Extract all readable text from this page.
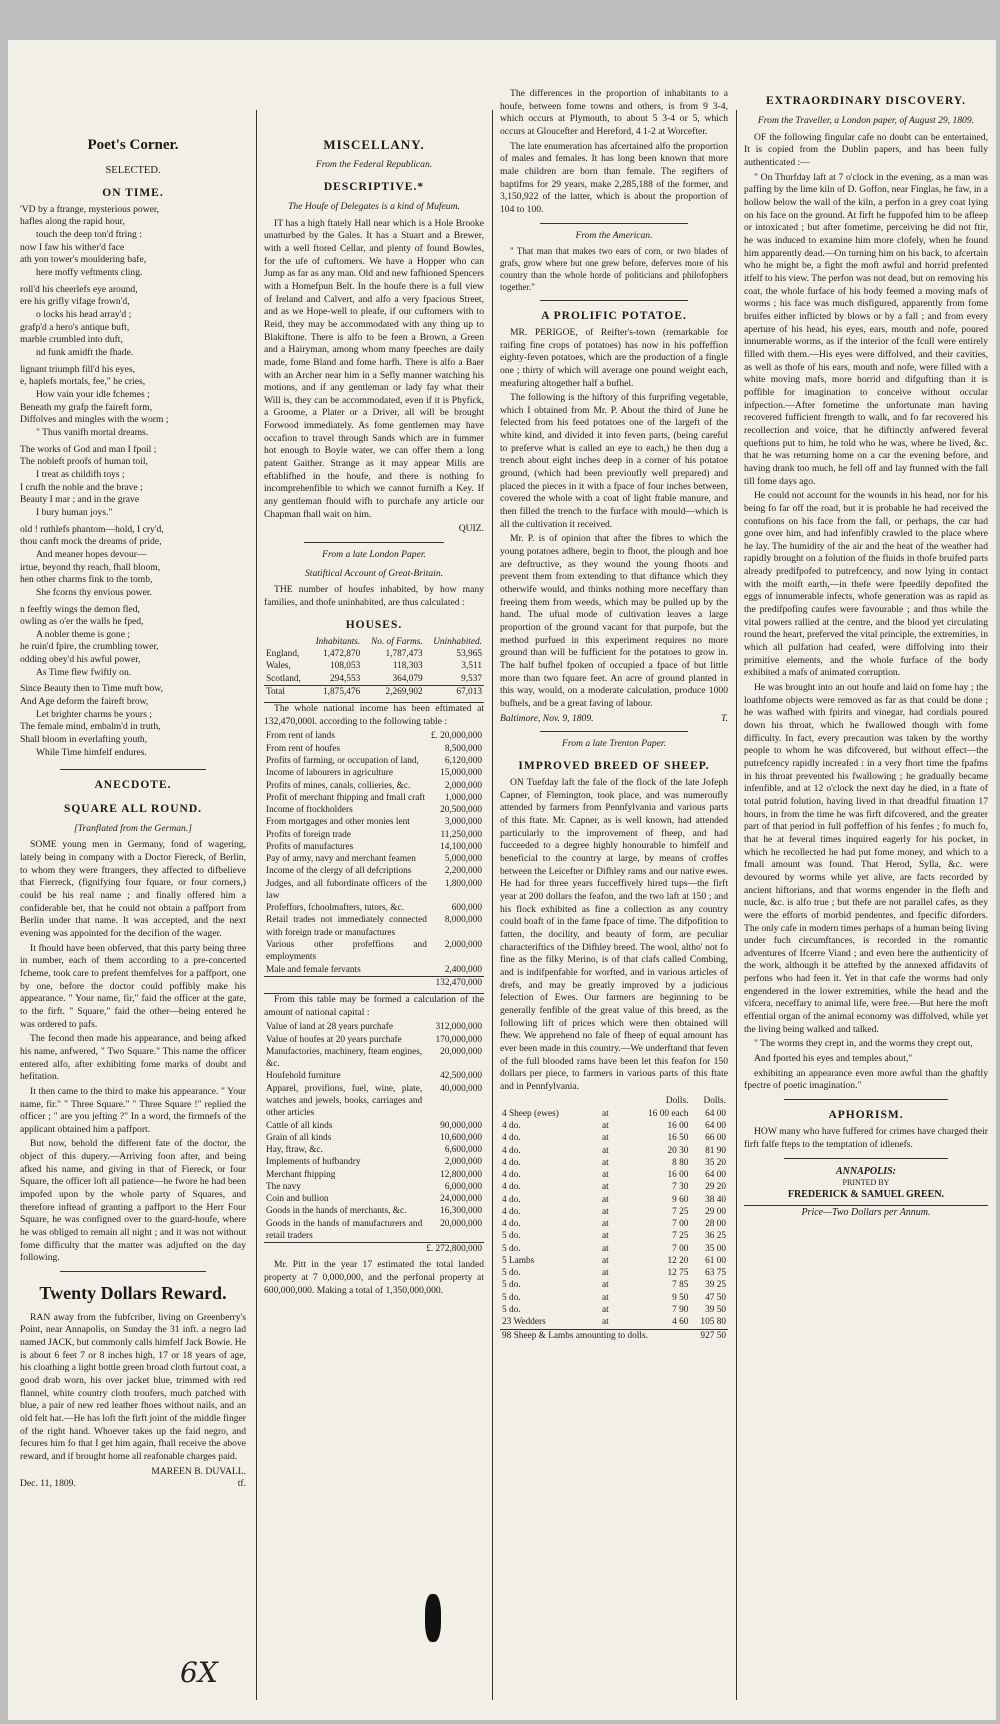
Poet's Corner.
SELECTED.
ON TIME.

'VD by a ftrange, mysterious power,

hafles along the rapid hour,

touch the deep ton'd ftring :

now I faw his wither'd face

ath yon tower's mouldering bafe,

here moffy veftments cling.

roll'd his cheerlefs eye around,

ere his grifly vifage frown'd,

o locks his head array'd ;

grafp'd a hero's antique buft,

marble crumbled into duft,

nd funk amidft the fhade.

lignant triumph fill'd his eyes,

e, haplefs mortals, fee," he cries,

How vain your idle fchemes ;

Beneath my grafp the faireft form,

Diffolves and mingles with the worm ;

" Thus vanifh mortal dreams.

The works of God and man I fpoil ;

The nobleft proofs of human toil,

I treat as childifh toys ;

I crufh the noble and the brave ;

Beauty I mar ; and in the grave

I bury human joys."

old ! ruthlefs phantom—hold, I cry'd,

thou canft mock the dreams of pride,

And meaner hopes devour—

irtue, beyond thy reach, fhall bloom,

hen other charms fink to the tomb,

She fcorns thy envious power.

n feeftly wings the demon fled,

owling as o'er the walls he fped,

A nobler theme is gone ;

he ruin'd fpire, the crumbling tower,

odding obey'd his awful power,

As Time flew fwiftly on.

Since Beauty then to Time muft bow,

And Age deform the faireft brow,

Let brighter charms be yours ;

The female mind, embalm'd in truth,

Shall bloom in everlafting youth,

While Time himfelf endures.

ANECDOTE.
SQUARE ALL ROUND.
[Tranflated from the German.]

SOME young men in Germany, fond of wagering, lately being in company with a Doctor Fiereck, of Berlin, to whom they were ftrangers, they affected to difbelieve that Fierreck, (fignifying four fquare, or four corners,) could be his real name ; and finally offered him a confiderable bet, that he could not obtain a paffport from Berlin under that name. It was accepted, and the next evening was appointed for the decifion of the wager.

It fhould have been obferved, that this party being three in number, each of them according to a pre-concerted fcheme, took care to prefent themfelves for a paffport, one by one, before the doctor could poffibly make his appearance. " Your name, fir," faid the officer at the gate, to the firft. " Square," faid the other—being entered he was ordered to pafs.

The fecond then made his appearance, and being afked his name, anfwered, " Two Square." This name the officer entered alfo, after exhibiting fome marks of doubt and hefitation.

It then came to the third to make his appearance. " Your name, fir." " Three Square." " Three Square !" replied the officer ; " are you jefting ?" In a word, the firmnefs of the applicant obtained him a paffport.

But now, behold the different fate of the doctor, the object of this dupery.—Arriving foon after, and being afked his name, and giving in that of Fiereck, or four Square, the officer loft all patience—he fwore he had been impofed upon by the whole party of Squares, and therefore inftead of granting a paffport to the Herr Four Square, he was configned over to the guard-houfe, where he was obliged to remain all night ; and it was not without fome difficulty that the matter was adjufted on the day following.

Twenty Dollars Reward.

RAN away from the fubfcriber, living on Greenberry's Point, near Annapolis, on Sunday the 31 inft. a negro lad named JACK, but commonly calls himfelf Jack Bowie. He is about 6 feet 7 or 8 inches high, 17 or 18 years of age, his cloathing a light bottle green broad cloth furtout coat, a good drab worn, his over jacket blue, trimmed with red flannel, white country cloth troufers, much patched with blue, a pair of new red leather fhoes without nails, and an old felt hat.—He has loft the firft joint of the middle finger of the right hand. Whoever takes up the faid negro, and fecures him fo that I get him again, fhall receive the above reward, and if brought home all reafonable charges paid.

MAREEN B. DUVALL.
Dec. 11, 1809.	tf.
MISCELLANY.
From the Federal Republican.
DESCRIPTIVE.*
The Houfe of Delegates is a kind of Mufeum.

IT has a high ftately Hall near which is a Hole Brooke unatturbed by the Gales. It has a Stuart and a Brewer, with a well ftored Cellar, and plenty of found Bowles, for the ufe of cuftomers. We have a Hopper who can Jump as far as any man. Old and new fafhioned Spencers with a Homefpun Belt. In the houfe there is a full view of Ireland and Calvert, and alfo a very fpacious Street, and as we Hope-well to pleafe, if our cuftomers with to Reid, they may be accommodated with any thing up to Blakiftone. There is alfo to be feen a Brown, a Green and a Hairyman, among whom many fpeeches are daily made, fome Bland and fome harfh. There is alfo a Baer with an Archer near him in a Sefly manner watching his motions, and if any gentleman or lady fay what their Will is, they can be accommodated, even if it is Phyfick, a Groome, a Plater or a Driver, all will be brought Forwood immediately. As fome gentlemen may have occafion to travel through Sands which are in fummer hot enough to Boyle water, we can offer them a long patent Gaither. Strange as it may appear Mills are eftablifhed in the houfe, and there is nothing fo incomprehenfible to which we cannot furnifh a Key. If any gentleman fhould wifh to purchafe any article our Chapman fhall wait on him.

QUIZ.
From a late London Paper.
Statiftical Account of Great-Britain.

THE number of houfes inhabited, by how many families, and thofe uninhabited, are thus calculated :

HOUSES.
	Inhabitants.	No. of Farms.	Uninhabited.
England,	1,472,870	1,787,473	53,965
Wales,	108,053	118,303	3,511
Scotland,	294,553	364,079	9,537
Total	1,875,476	2,269,902	67,013

The whole national income has been eftimated at 132,470,000l. according to the following table :

From rent of lands	£. 20,000,000
From rent of houfes	8,500,000
Profits of farming, or occupation of land,	6,120,000
Income of labourers in agriculture	15,000,000
Profits of mines, canals, collieries, &c.	2,000,000
Profit of merchant fhipping and fmall craft	1,000,000
Income of ftockholders	20,500,000
From mortgages and other monies lent	3,000,000
Profits of foreign trade	11,250,000
Profits of manufactures	14,100,000
Pay of army, navy and merchant feamen	5,000,000
Income of the clergy of all defcriptions	2,200,000
Judges, and all fubordinate officers of the law	1,800,000
Profeffors, fchoolmafters, tutors, &c.	600,000
Retail trades not immediately connected with foreign trade or manufactures	8,000,000
Various other profeffions and employments	2,000,000
Male and female fervants	2,400,000
	132,470,000

From this table may be formed a calculation of the amount of national capital :

Value of land at 28 years purchafe	312,000,000
Value of houfes at 20 years purchafe	170,000,000
Manufactories, machinery, fteam engines, &c.	20,000,000
Houfehold furniture	42,500,000
Apparel, provifions, fuel, wine, plate, watches and jewels, books, carriages and other articles	40,000,000
Cattle of all kinds	90,000,000
Grain of all kinds	10,600,000
Hay, ftraw, &c.	6,600,000
Implements of hufbandry	2,000,000
Merchant fhipping	12,800,000
The navy	6,000,000
Coin and bullion	24,000,000
Goods in the hands of merchants, &c.	16,300,000
Goods in the hands of manufacturers and retail traders	20,000,000
	£. 272,800,000

Mr. Pitt in the year 17 estimated the total landed property at 7 0,000,000, and the perfonal property at 600,000,000. Making a total of 1,350,000,000.

The differences in the proportion of inhabitants to a houfe, between fome towns and others, is from 9 3-4, which occurs at Plymouth, to about 5 3-4 or 5, which occurs at Gloucefter and Hereford, 4 1-2 at Worcefter.

The late enumeration has afcertained alfo the proportion of males and females. It has long been known that more male children are born than female. The regifters of baptifms for 29 years, make 2,285,188 of the former, and 3,150,922 of the latter, which is about the proportion of 104 to 100.

From the American.

" That man that makes two ears of corn, or two blades of grafs, grow where but one grew before, deferves more of his country than the whole horde of politicians and philofophers together."

A PROLIFIC POTATOE.

MR. PERIGOE, of Reifter's-town (remarkable for raifing fine crops of potatoes) has now in his poffeffion eighty-feven potatoes, which are the production of a fingle one ; thirty of which will average one pound weight each, meafuring altogether half a bufhel.

The following is the hiftory of this furprifing vegetable, which I obtained from Mr. P. About the third of June he felected from his feed potatoes one of the largeft of the white kind, and divided it into feven parts, (being careful to preferve what is called an eye to each,) he then dug a trench about eight inches deep in a corner of his potatoe ground, (which had been previoufly well prepared) and placed the pieces in it with a fpace of four inches between, covered the whole with a coat of light ftable manure, and then filled the trench to the furface with mould—which is all the cultivation it received.

Mr. P. is of opinion that after the fibres to which the young potatoes adhere, begin to fhoot, the plough and hoe are deftructive, as they wound the young fhoots and prevent them from extending to that diftance which they otherwife would, and thinks nothing more neceffary than freeing them from weeds, which may be pulled up by the hand. The ufual mode of cultivation leaves a large proportion of the ground vacant for that purpofe, but the method purfued in this experiment requires no more ground than will be fufficient for the potatoes to grow in. The half bufhel fpoken of occupied a fpace of but little more than two fquare feet. An acre of ground planted in this way, would, on a moderate calculation, produce 1000 bufhels, and be a great faving of labour.

Baltimore, Nov. 9, 1809.	T.
From a late Trenton Paper.
IMPROVED BREED OF SHEEP.

ON Tuefday laft the fale of the flock of the late Jofeph Capner, of Flemington, took place, and was numeroufly attended by farmers from Pennfylvania and various parts of this ftate. Mr. Capner, as is well known, had attended particularly to the improvement of fheep, and had fucceeded to a degree highly honourable to himfelf and beneficial to the country at large, by means of croffes between the Leicefter or Difhley rams and our native ewes. He had for three years fucceffively hired tups—the firft year at 200 dollars the feafon, and the two laft at 150 ; and his flock exhibited as fine a collection as any country could boaft of in the fame fpace of time. The difpofition to fatten, the docility, and beauty of form, are peculiar characteriftics of the Difhley breed. The wool, altho' not fo fine as the filky Merino, is of that clafs called Combing, and is indifpenfable for worfted, and in various articles of drefs, and may be greatly improved by a judicious felection of Ewes. Our farmers are beginning to be generally fenfible of the great value of this breed, as the following lift of prices which were then obtained will fhew. We apprehend no fale of fheep of equal amount has ever been made in this country.—We underftand that feven of the full blooded rams have been let this feafon for 150 dollars per piece, to farmers in various parts of this ftate and in Pennfylvania.

		Dolls.	Dolls.
4 Sheep (ewes)	at	16 00 each	64 00
4 do.	at	16 00	64 00
4 do.	at	16 50	66 00
4 do.	at	20 30	81 90
4 do.	at	8 80	35 20
4 do.	at	16 00	64 00
4 do.	at	7 30	29 20
4 do.	at	9 60	38 40
4 do.	at	7 25	29 00
4 do.	at	7 00	28 00
5 do.	at	7 25	36 25
5 do.	at	7 00	35 00
5 Lambs	at	12 20	61 00
5 do.	at	12 75	63 75
5 do.	at	7 85	39 25
5 do.	at	9 50	47 50
5 do.	at	7 90	39 50
23 Wedders	at	4 60	105 80
98 Sheep & Lambs amounting to dolls.			927 50
EXTRAORDINARY DISCOVERY.
From the Traveller, a London paper, of August 29, 1809.

OF the following fingular cafe no doubt can be entertained, It is copied from the Dublin papers, and has been fully authenticated :—

" On Thurfday laft at 7 o'clock in the evening, as a man was paffing by the lime kiln of D. Goffon, near Finglas, he faw, in a hollow below the wall of the kiln, a perfon in a grey coat lying on his face on the ground. At firft he fuppofed him to be afleep or intoxicated ; but after fometime, perceiving he did not ftir, he was induced to examine him more clofely, when he found him apparently dead.—On turning him on his back, to afcertain who he might be, a fight the moft awful and horrid prefented itfelf to his view. The perfon was not dead, but on removing his coat, the whole furface of his body feemed a moving mafs of worms ; his face was much disfigured, apparently from fome bruifes either inflicted by blows or by a fall ; and from every aperture of his head, his eyes, ears, mouth and nofe, poured innumerable worms, as if the interior of the fcull were entirely filled with them.—His eyes were diffolved, and their cavities, as well as thofe of his ears, mouth and nofe, were filled with a white moving mafs, more horrid and difgufting than it is poffible for imagination to conceive without occular infpection.—After fometime the unfortunate man having recovered fufficient ftrength to walk, and fo far recovered his recollection and voice, that he diftinctly anfwered feveral queftions put to him, he told who he was, where he lived, &c. that he was returning home on a car the evening before, and having drank too much, he fell off and lay ftunned with the fall till fome days ago.

He could not account for the wounds in his head, nor for his being fo far off the road, but it is probable he had received the contufions on his face from the fall, or perhaps, the car had gone over him, and had infenfibly crawled to the place where he lay. The humidity of the air and the heat of the weather had rapidly brought on a folution of the fluids in thofe bruifed parts already predifpofed to putrefcency, and now lying in contact with the moift earth,—in thefe were fpeedily depofited the eggs of innumerable infects, whofe generation was as rapid as the predifpofing caufes were favourable ; and thus while the vital powers rallied at the centre, and the blood yet circulating round the heart, preferved the vital principle, the extremities, in which all pulfation had ceafed, were diffolving into their primitive elements, and the whole furface of the body exhibited a mafs of animated corruption.

He was brought into an out houfe and laid on fome hay ; the loathfome objects were removed as far as that could be done ; he was wafhed with fpirits and vinegar, had cordials poured down his throat, which he fwallowed though with fome difficulty. In fact, every precaution was taken by the worthy people to whom he was difcovered, but without effect—the putrefcency rapidly increafed : in a very fhort time the fpafms in his throat prevented his fwallowing ; he gradually became infenfible, and at 12 o'clock the next day he died, in a ftate of total putrid folution, having lived in that dreadful fituation 17 hours, in from the time he was firft difcovered, and the greater part of that period in full poffeffion of his fenfes ; fo much fo, that he at feveral times inquired eagerly for his pocket, in which he recollected he had put fome money, and which to a fmall amount was found. That Herod, Sylla, &c. were devoured by worms while yet alive, are facts recorded by ancient hiftorians, and that worms engender in the flefh and nucle, &c. is alfo true ; but thefe are not parallel cafes, as they were the efforts of morbid pendentes, and fpecific diforders. The only cafe in modern times perhaps of a human being living under fuch circumftances, is recorded in the romantic adventures of Ifcerre Viand ; and even here the authenticity of the work, although it be attefted by the annexed affidavits of perfons who had feen it. Yet in that cafe the worms had only engendered in the lower extremities, while the head and the vifcera, neceffary to animal life, were free.—But here the moft effential organ of the animal economy was diffolved, while yet the living being walked and talked.

" The worms they crept in, and the worms they crept out,

And fported his eyes and temples about,"

exhibiting an appearance even more awful than the ghaftly fpectre of poetic imagination."

APHORISM.

HOW many who have fuffered for crimes have charged their firft falfe fteps to the temptation of idlenefs.

ANNAPOLIS:
PRINTED BY
FREDERICK & SAMUEL GREEN.
Price—Two Dollars per Annum.
6X
